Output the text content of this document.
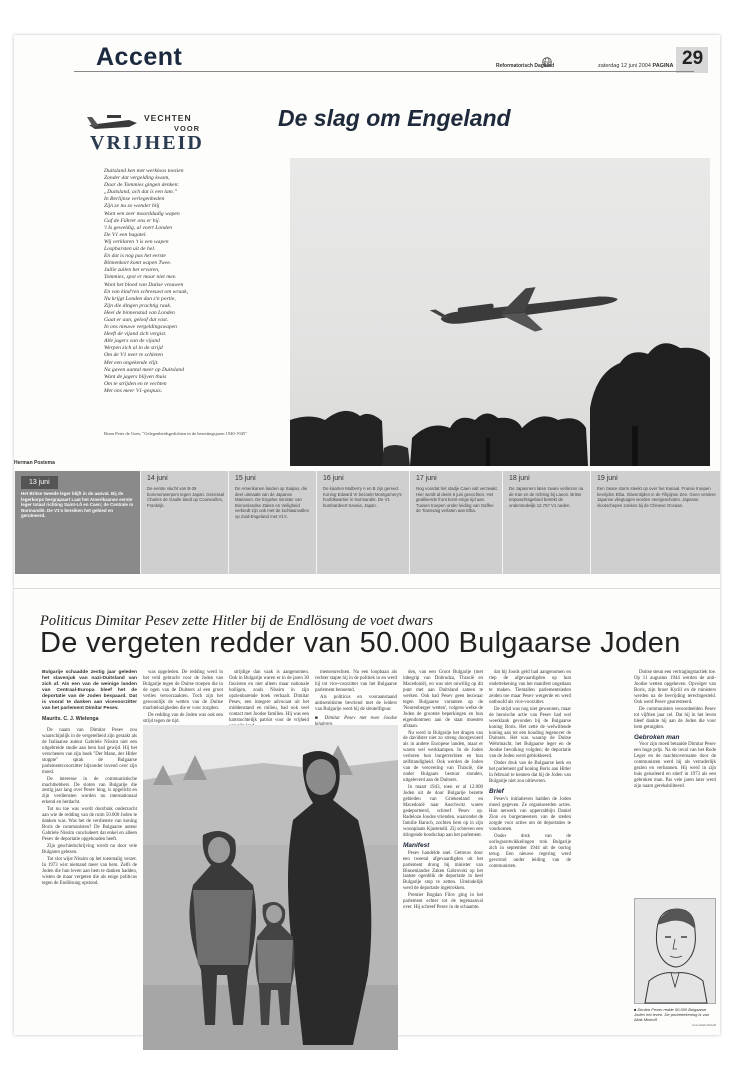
Accent	Reformatorisch Dagblad	zaterdag 12 juni 2004 PAGINA 29
VECHTEN
VOOR
VRIJHEID
Duitsland ken met werkloos toezien
Zonder dat vergelding kwam,
Daar de Tommies gingen denken:
„Duitsland, ach dat is een lam.”
In Berlijnse verlegenheden
Zijn ze nu zo wonder blij
Want een zeer moorddadig wapen
Gaf de Führer ons er bij.
't Is geweldig, al voert Londen
De V1 een bagatel.
Wij verklaren 't is een wapen
Lospbarsten uit de hel.
En dat is nog pas het eerste
Binnenkort komt wapen Twee.
Jullie zullen het ervaren,
Tommies, spot er maar niet mee.
Want het bloed van Duitse vrouwen
En van kind'ren schreeuwt om wraak,
Nu krijgt Londen dan z'n portie,
Zijn die dingen prachtig raak.
Heel de binnenstad van Londen
Gaat er aan, geloof dat vast.
In ons nieuwe vergeldingswapen
Heeft de vijand zich vergist.
Alle jagers van de vijand
Werpen zich al in de strijd
Om de V1 neer te schieten
Met een ongekende vlijt.
Na gaven aantal meer op Duitsland
Want de jagers blijven thuis
Om te strijden en te vechten
Met ons meer V1-gespuis.
Bram Peter de Goes, "Gelegenheidsgedichten in de bezettingsjaren 1940-1945"
De slag om Engeland
Herman Postema
13 juni
Het Britse tweede leger blijft in de aanval. Bij de legerkorps bergrapaart Laat het Amerikaanse eerste leger totaal richting Saint-Lô en Caen; de Centrale in Normandië. De V1's bereiken het gebied en geruïneerd.
14 juni
De eerste vlucht van B-29 bommenwerpers tegen Japan. Generaal Charles de Gaulle landt op Courseulles, Frankrijk.
15 juni
De Amerikanen landen op Saipan, die deel uitmaakt van de Japanse Marianen. De Engelse minister van Binnenlandse Zaken en Veiligheid verbiedt zijn ook met de luchtaanvallen op Zuid-Engeland met V1's.
16 juni
De kaarten Mulberry A en B zijn gereed. Koning Edward VI bezoekt Montgomery's hoofdkwartier in Normandië. De V1 bombardeert Kaveia, Japan.
17 juni
Nog voordat het stadje Caen valt verzwakt. Hier wordt al deels 6 juni gevochten. Het geallieerde front komt enige tijd aan. Tussen troepen onder leiding van Gaffee de Tiansvaig verlaten aan Elba.
18 juni
De Japanners laten zware verliezen na de Iran en de richting bij Laeon. Britse terpwachtsgebied betrekt de onderstedelijk 12.757 V1 neden.
19 juni
Een zware storm steekt op over het Kanaal. Franse troepen bevrijden Elba. Slaventijden in de Filipijnse Zee. Geen verdere Japanse vliegtuigen worden neergeschoten. Japanse vlootschepen zonken bij de Chinese Oceaan.
Politicus Dimitar Pesev zette Hitler bij de Endlösung de voet dwars
De vergeten redder van 50.000 Bulgaarse Joden
Bulgarije schaadde zestig jaar geleden het slavenjuk van nazi-Duitsland van zich af. Als een van de weinige landen van Centraal-Europa bleef het de deportatie van de Joden bespaard. Dat is vooral te danken aan vicevoorzitter van het parlement Dimitar Pesev.
Maurits. C. J. Wielenga

De naam van Dimitar Pesev zou waarschijnlijk in de vergetelheid zijn geraakt als de Italiaanse auteur Gabriele Nissim niet een uitgebreide studie aan hem had gewijd. Hij het verschenen van zijn boek "Der Mann, der Hitler stoppte" sprak de Bulgaarse parlementsvoorzitter bijzonder lovend over zijn moed.

De interesse in de communistische machthebbers. De sloten van Bulgarije die zestig jaar lang over Pesev hing, is opgelicht en zijn verdiensten worden nu internationaal erkend en herdacht.

Tot nu toe was wordt doorbrak onderzocht aan wie de redding van de ruim 50.000 Joden te danken was. Was het de verdienste van koning Boris de communisten? De Bulgaarse auteur Gabriele Nissim concludeert dat enkel en alleen Pesev de deportatie opgehouden heeft.

Zijn geschiedschrijving wordt nu door vele Bulgaren gelezen.

Tot slot wijst Nissim op het toenmalig verzet. In 1973 wist niemand meer van hem. Zelfs de Joden die hun leven aan hem te danken hadden, wisten de maar vergeten die als enige politicus tegen de Endlösung opstond.

was opgeleden. De redding werd in het veld gebracht voor de Joden van Bulgarije tegen de Duitse troepen die in de ogen van de Duitsers al een groot verlies veroorzaakten. Toch zijn het gewoonlijk de wetten van de Duitse machtelozigheden die er voor zorgden.

De redding van de Joden was ook een strijd tegen de tijd.

strijdige dan vaak is aangenomen. Ook in Bulgarije waren er in de jaren 30 fascisten en niet alleen maar nationale bolligen, zoals Nissim in zijn opzienbarende boek verhaalt. Dimitar Pesev, een integere advocaat uit het middenstand en milieu, had ook veel contact met Joodse families. Hij was een hartstochtelijk patriot voor de vrijheid

mensenrechten. Na een loopbaan als rechter stapte hij in de politiek in en werd hij tot vice-voorzitter van het Bulgaarse parlement benoemd.

Als politicus en vooraanstaand antisemitisme bevriend met de leiders van Bulgarije werd hij de sleutelfiguur.

■ Dimitar Pesev met twee Joodse

den, van een Groot Bulgarije (met inbegrip van Dobrudza, Thracië en Macedonië), en was niet onwillig op dit punt met aan Duitsland samen te werken. Ook had Pesev geen bezwaar tegen Bulgaarse varianten op de 'Neurenberger wetten', volgens welke de Joden de grootste beperkingen en hun eigendommen aan de staat moesten afstaan.

Nu werd in Bulgarije het dragen van de davidster niet zo streng doorgevoerd als in andere Europese landen, maar er waren wel werkkampen. In de Joden verloren hun burgerrechten en hun zelfstandigheid. Ook werden de Joden van de verovering van Thracië, die onder Bulgaars bestuur stonden, uitgeleverd aan de Duitsers.

In maart 1943, toen er al 12.000 Joden uit de door Bulgarije bezette gebieden van Griekenland en Macedonië naar Auschwitz waren gedeporteerd, schreef Pesev op. Radeloze Joodse vrienden, waaronder de familie Baruch, zochten hem op in zijn woonplaats Kjustendil. Zij schreven een dringende boodschap aan het parlement.

Manifest

Pesev handelde snel. Getreuw door een tweetal afgevaardigden uit het parlement drong hij minister van Binnenlandse Zaken Gabrovski op het laatste ogenblik de deportatie in heel Bulgarije stop te zetten. Uiteindelijk werd de deportatie ingetrokken.

Premier Bogdan Filov ging in het parlement echter tot de tegenaanval over. Hij schreef Pesev in de schaamte.

dat hij Joods geld had aangenomen en riep de afgevaardigden op hun ondertekening van het manifest ongedaan te maken. Tientallen parlementsleden zeiden toe maar Pesev weigerde en werd onthoofd als vice-voorzitter.

De strijd was nog niet gewonnen, maar de heroische actie van Pesev had wel weerklank gevonden bij de Bulgaarse koning Boris. Het zette de welwillende koning aan tot een houding tegenover de Duitsers. Het was waarop de Duitse Wehrmacht, het Bulgaarse leger en de Joodse bevolking volgden; de deportatie van de Joden werd geblokkeerd.

Onder druk van de Bulgaarse kerk en het parlement gaf koning Boris aan Hitler in februari te kennen dat hij de Joden van Bulgarije niet zou uitleveren.

Brief

Pesev's initiatieven hadden de Joden moed gegeven. Ze organiseerden acties. Hun netwerk van opperrabbijn Daniel Zion en burgemeesters van de steden zorgde voor acties om de deportaties te voorkomen.

Onder druk van de oorlogsontwikkelingen trok Bulgarije zich in september 1944 uit de oorlog terug. Een nieuwe regering werd gevormd onder leiding van de communisten.

Duitse steun een vertragingstactiek toe. Op 11 augustus 1944 werden de anti-Joodse wetten opgeheven. Opvolger van Boris, zijn broer Kyrill en de ministers werden na de bevrijding terechtgesteld. Ook werd Pesev gearresteerd.

De communisten veroordeelden Pesev tot vijftien jaar cel. Dat hij in het leven bleef dankte hij aan de Joden die voor hem getuigden.

Gebroken man

Voor zijn moed betaalde Dimitar Pesev een hoge prijs. Na de inval van het Rode Leger en de machtsovername door de communisten werd hij als verraderlijk gezien en verbannen. Hij werd in zijn huis geisoleerd en stierf in 1973 als een gebroken man. Pas vele jaren later werd zijn naam gerehabiliteerd.

■ Dimitar Pesev redde 50.000 Bulgaarse Joden het leven. De portrettekening is van Aliak Mishoff.
Foto Aliak Mishoff
